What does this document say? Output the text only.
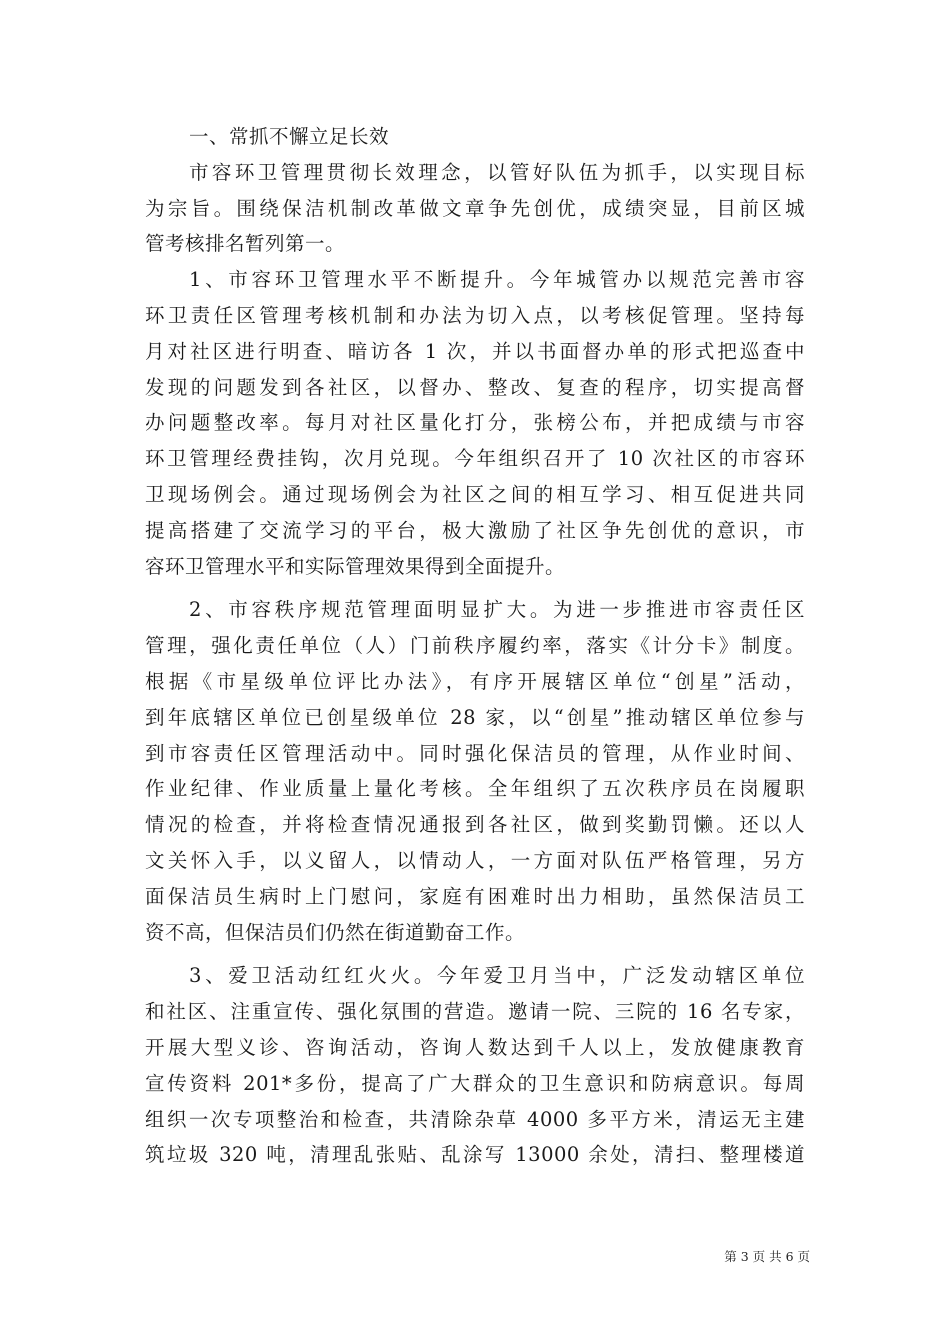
一、常抓不懈立足长效
市容环卫管理贯彻长效理念，以管好队伍为抓手，以实现目标
为宗旨。围绕保洁机制改革做文章争先创优，成绩突显，目前区城
管考核排名暂列第一。
1、市容环卫管理水平不断提升。今年城管办以规范完善市容
环卫责任区管理考核机制和办法为切入点，以考核促管理。坚持每
月对社区进行明查、暗访各 1 次，并以书面督办单的形式把巡查中
发现的问题发到各社区，以督办、整改、复查的程序，切实提高督
办问题整改率。每月对社区量化打分，张榜公布，并把成绩与市容
环卫管理经费挂钩，次月兑现。今年组织召开了 10 次社区的市容环
卫现场例会。通过现场例会为社区之间的相互学习、相互促进共同
提高搭建了交流学习的平台，极大激励了社区争先创优的意识，市
容环卫管理水平和实际管理效果得到全面提升。
2、市容秩序规范管理面明显扩大。为进一步推进市容责任区
管理，强化责任单位（人）门前秩序履约率，落实《计分卡》制度。
根据《市星级单位评比办法》，有序开展辖区单位“创星”活动，
到年底辖区单位已创星级单位 28 家，以“创星”推动辖区单位参与
到市容责任区管理活动中。同时强化保洁员的管理，从作业时间、
作业纪律、作业质量上量化考核。全年组织了五次秩序员在岗履职
情况的检查，并将检查情况通报到各社区，做到奖勤罚懒。还以人
文关怀入手，以义留人，以情动人，一方面对队伍严格管理，另方
面保洁员生病时上门慰问，家庭有困难时出力相助，虽然保洁员工
资不高，但保洁员们仍然在街道勤奋工作。
3、爱卫活动红红火火。今年爱卫月当中，广泛发动辖区单位
和社区、注重宣传、强化氛围的营造。邀请一院、三院的 16 名专家，
开展大型义诊、咨询活动，咨询人数达到千人以上，发放健康教育
宣传资料 201*多份，提高了广大群众的卫生意识和防病意识。每周
组织一次专项整治和检查，共清除杂草 4000 多平方米，清运无主建
筑垃圾 320 吨，清理乱张贴、乱涂写 13000 余处，清扫、整理楼道
第 3 页 共 6 页
